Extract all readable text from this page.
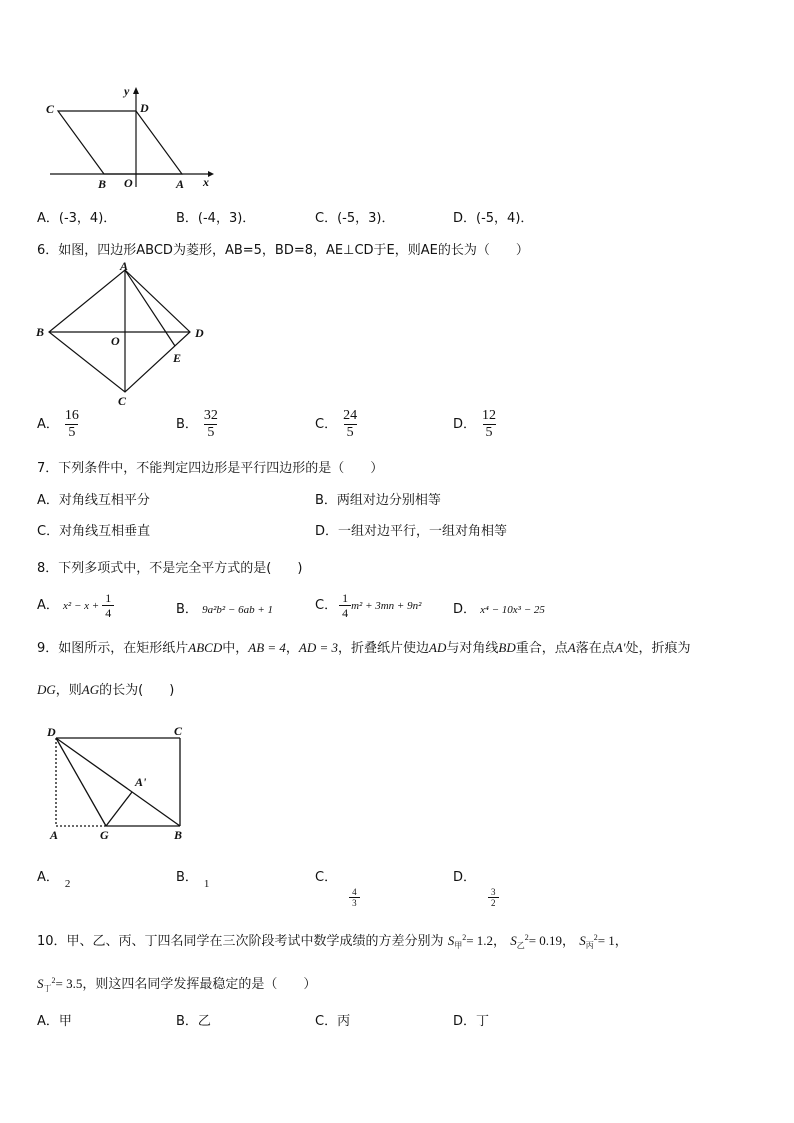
C	D
y
B O	A x
A．(-3，4)．	B．(-4，3)．	C．(-5，3)．	D．(-5，4)．
6．如图，四边形ABCD为菱形，AB=5，BD=8，AE⊥CD于E，则AE的长为（　　）
A
B
C
D
O
E
A． $\frac{16}{5}$	B． $\frac{32}{5}$	C． $\frac{24}{5}$	D． $\frac{12}{5}$
7．下列条件中，不能判定四边形是平行四边形的是（　　）
A．对角线互相平分	B．两组对边分别相等
C．对角线互相垂直	D．一组对边平行，一组对角相等
8．下列多项式中，不是完全平方式的是(　　)
A． $x^2 - x + \frac{1}{4}$	B． 9a²b² − 6ab + 1	C． $\frac{1}{4} m^2 + 3mn + 9n^2$ D． x⁴ − 10x³ − 25
9．如图所示，在矩形纸片ABCD中，AB = 4，AD = 3，折叠纸片使边AD与对角线BD重合，点A落在点A'处，折痕为
DG，则AG的长为(　　)
D	C
A'
A	G	B
A． $_2$	B． $_1$	C．
$\frac{4}{3}$
D．
$\frac{3}{2}$
10．甲、乙、丙、丁四名同学在三次阶段考试中数学成绩的方差分别为 $S_甲^2= 1.2$， $S_乙^2= 0.19$， $S_丙^2= 1$，
$S_丁^2= 3.5$，则这四名同学发挥最稳定的是（　　）
A．甲	B．乙	C．丙	D．丁
